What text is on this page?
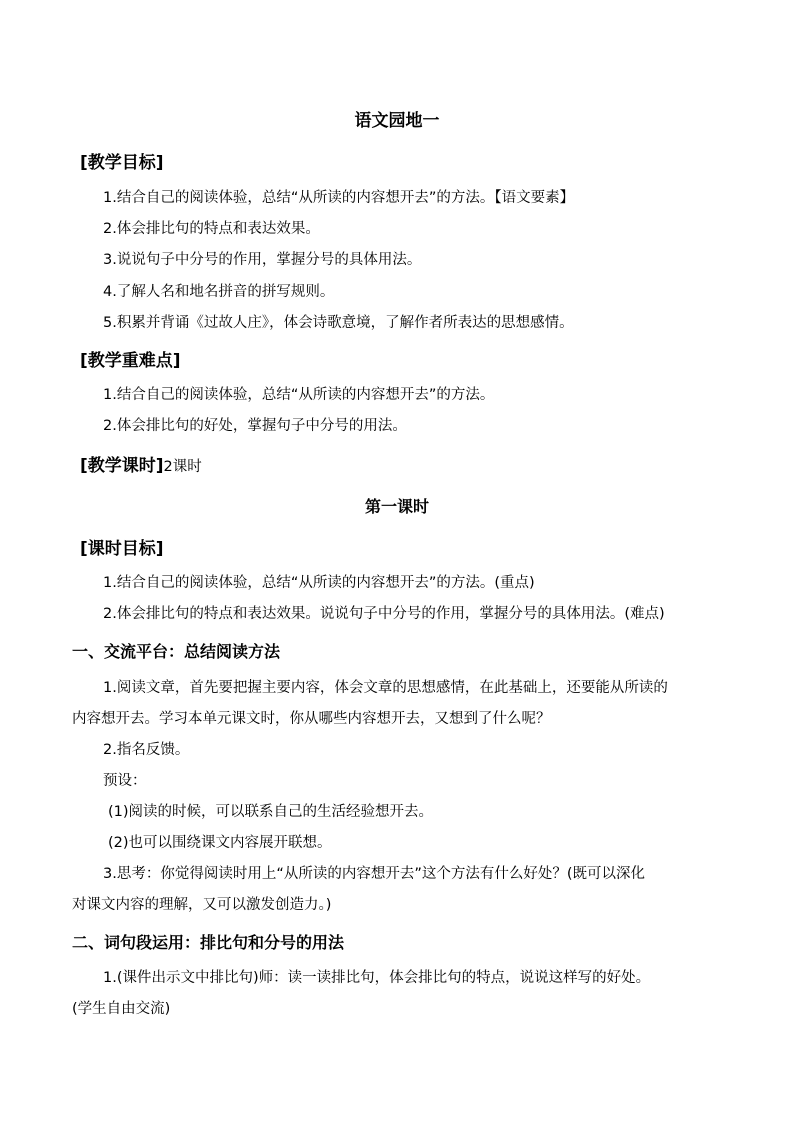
语文园地一
[教学目标]
1.结合自己的阅读体验，总结“从所读的内容想开去”的方法。【语文要素】
2.体会排比句的特点和表达效果。
3.说说句子中分号的作用，掌握分号的具体用法。
4.了解人名和地名拼音的拼写规则。
5.积累并背诵《过故人庄》，体会诗歌意境，了解作者所表达的思想感情。
[教学重难点]
1.结合自己的阅读体验，总结“从所读的内容想开去”的方法。
2.体会排比句的好处，掌握句子中分号的用法。
[教学课时]2课时
第一课时
[课时目标]
1.结合自己的阅读体验，总结“从所读的内容想开去”的方法。(重点)
2.体会排比句的特点和表达效果。说说句子中分号的作用，掌握分号的具体用法。(难点)
一、交流平台：总结阅读方法
1.阅读文章，首先要把握主要内容，体会文章的思想感情，在此基础上，还要能从所读的
内容想开去。学习本单元课文时，你从哪些内容想开去，又想到了什么呢？
2.指名反馈。
预设：
(1)阅读的时候，可以联系自己的生活经验想开去。
(2)也可以围绕课文内容展开联想。
3.思考：你觉得阅读时用上“从所读的内容想开去”这个方法有什么好处？(既可以深化
对课文内容的理解，又可以激发创造力。)
二、词句段运用：排比句和分号的用法
1.(课件出示文中排比句)师：读一读排比句，体会排比句的特点，说说这样写的好处。
(学生自由交流)
